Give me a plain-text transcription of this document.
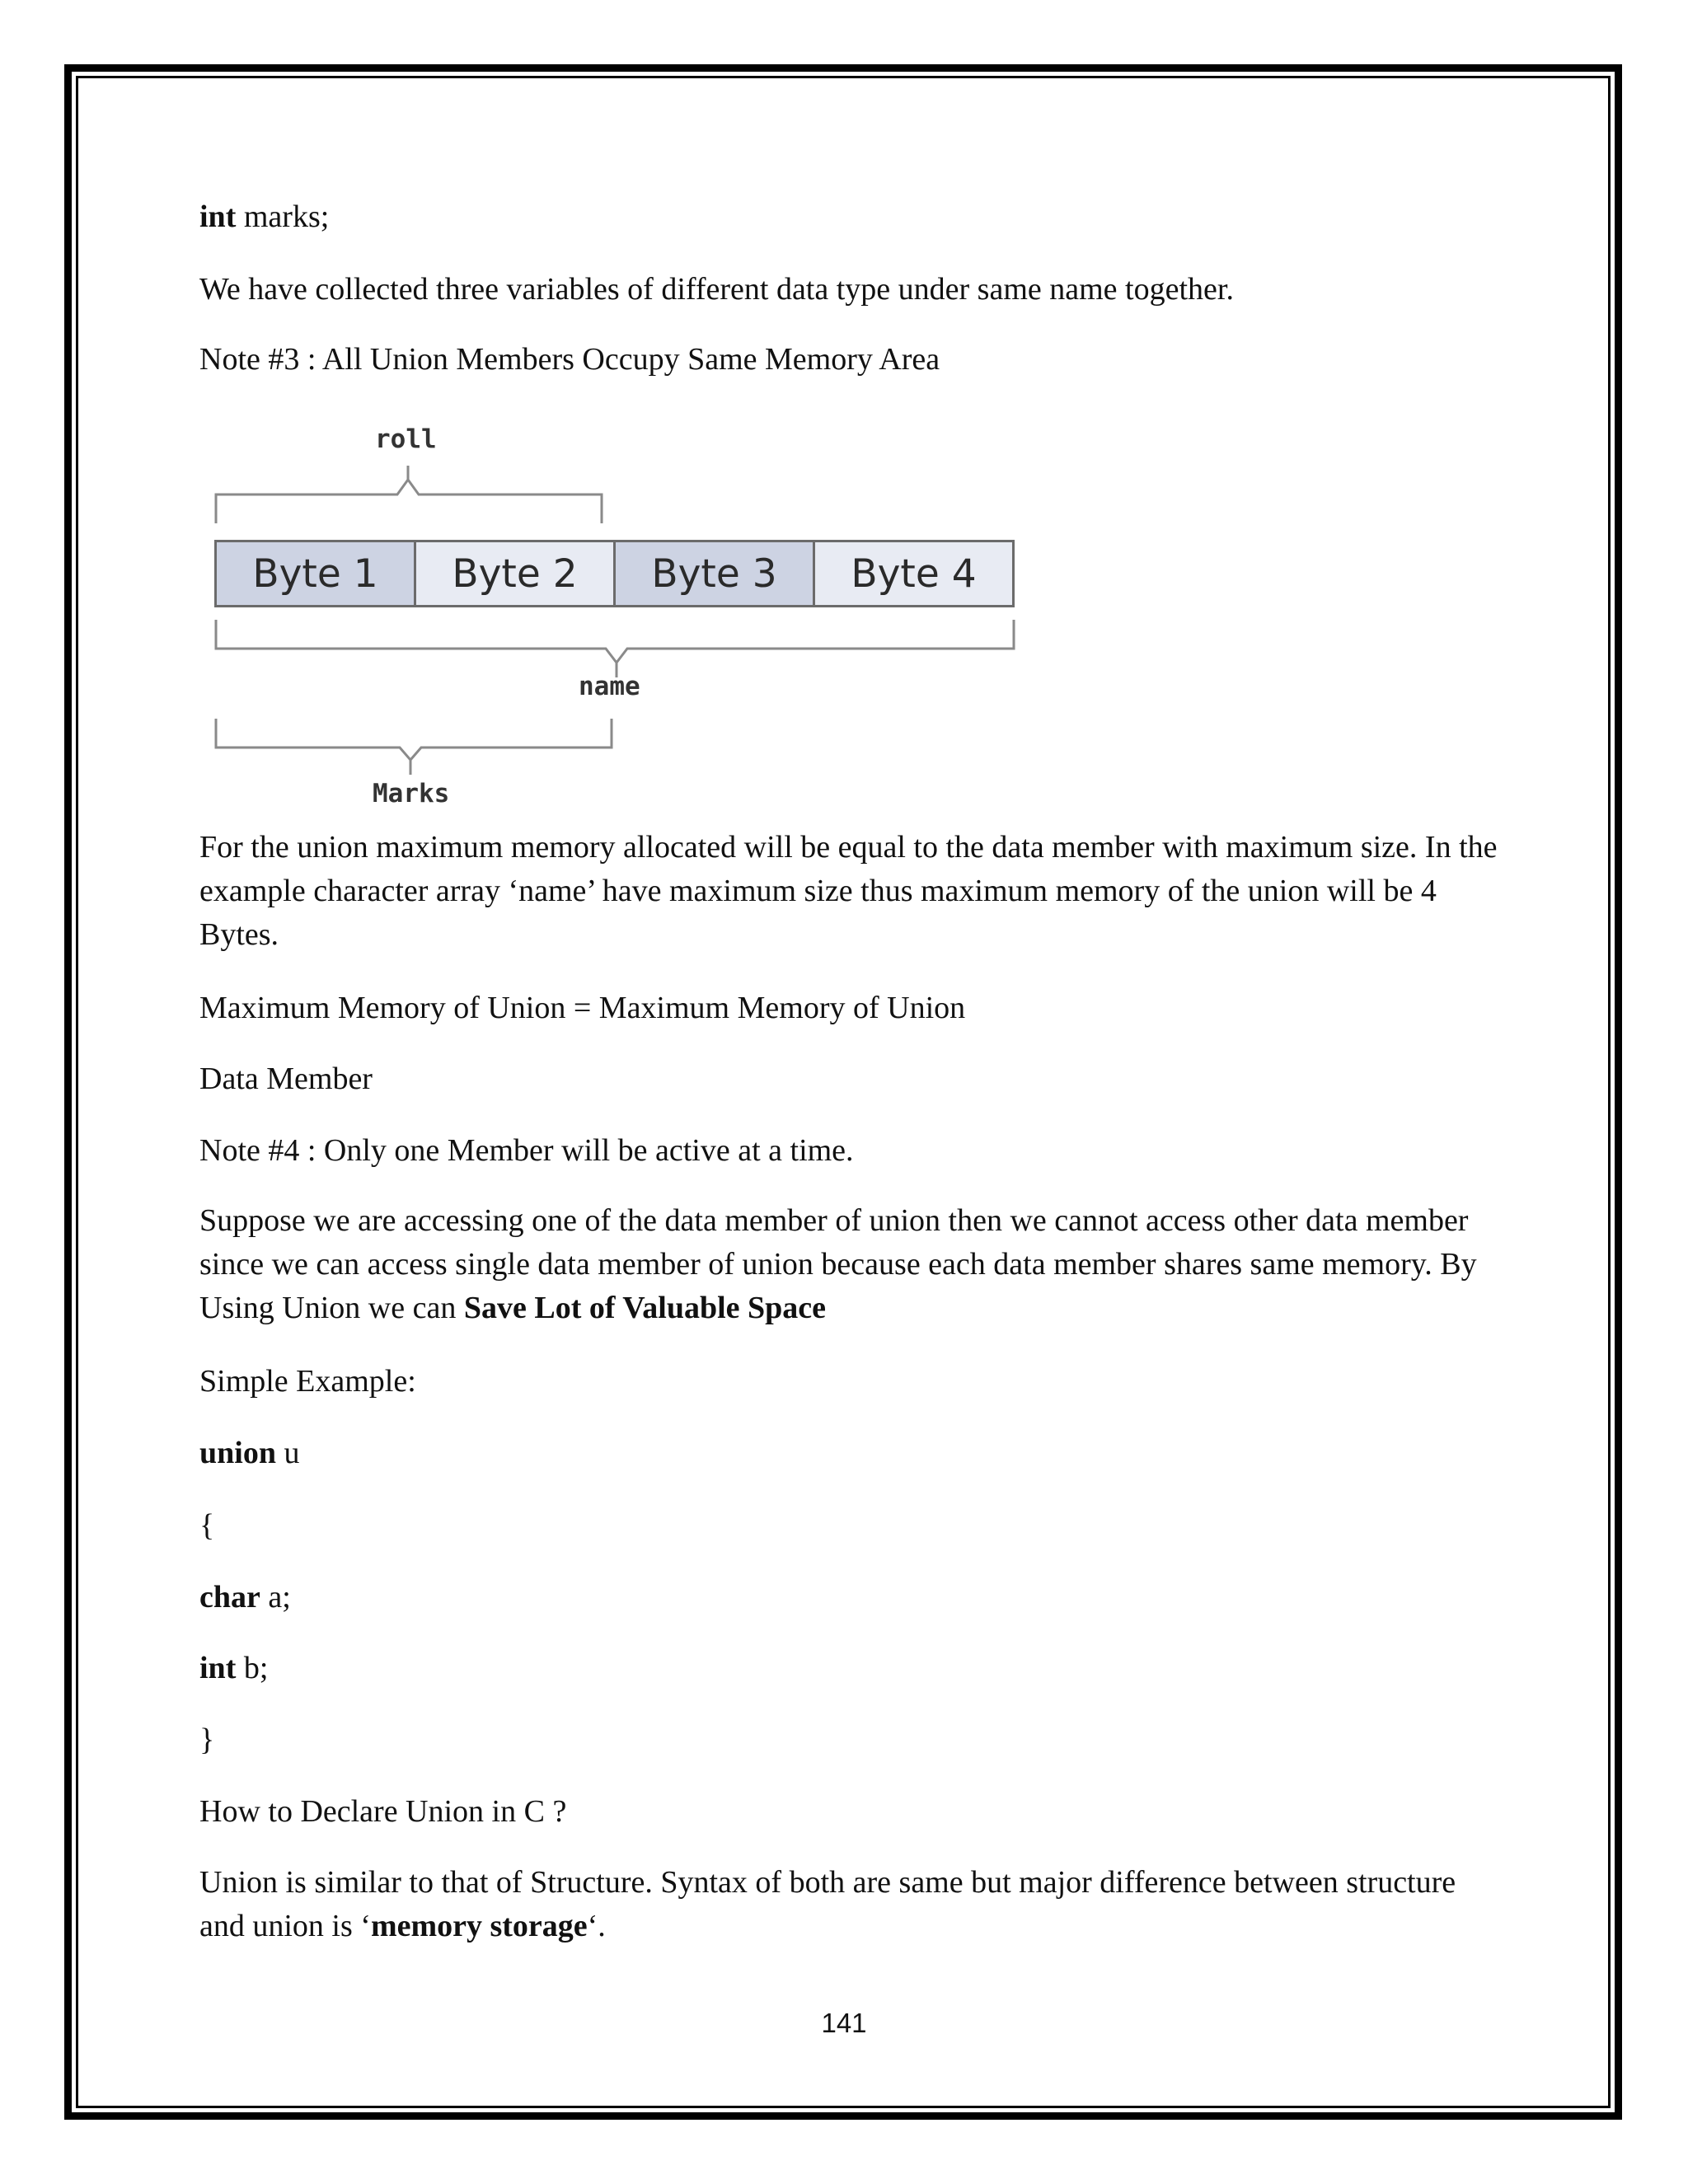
int marks;

We have collected three variables of different data type under same name together.

Note #3 : All Union Members Occupy Same Memory Area

roll
Byte 1 Byte 2 Byte 3 Byte 4
name
Marks

For the union maximum memory allocated will be equal to the data member with maximum size. In the example character array ‘name’ have maximum size thus maximum memory of the union will be 4 Bytes.

Maximum Memory of Union = Maximum Memory of Union

Data Member

Note #4 : Only one Member will be active at a time.

Suppose we are accessing one of the data member of union then we cannot access other data member since we can access single data member of union because each data member shares same memory. By Using Union we can Save Lot of Valuable Space

Simple Example:

union u

{

char a;

int b;

}

How to Declare Union in C ?

Union is similar to that of Structure. Syntax of both are same but major difference between structure and union is ‘memory storage‘.

141
